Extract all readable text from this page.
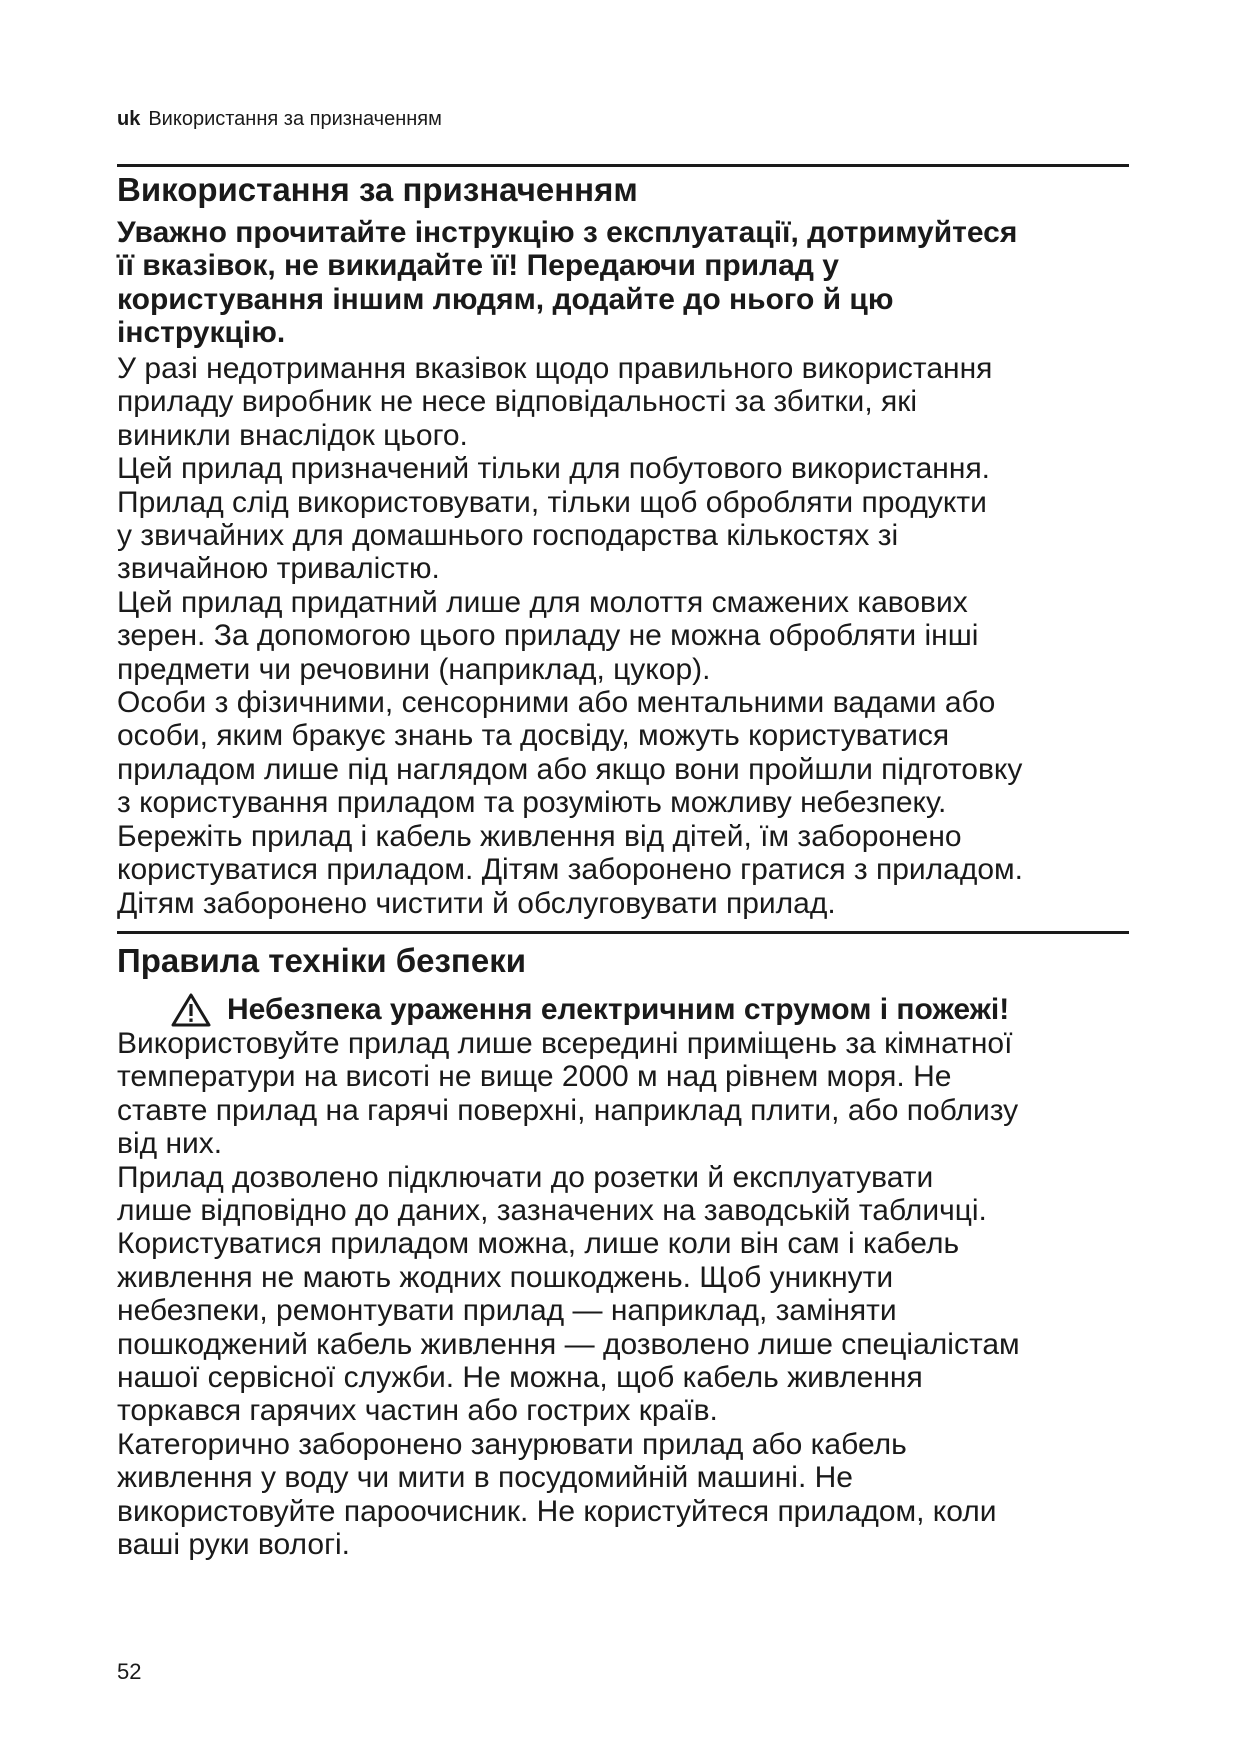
uk Використання за призначенням
Використання за призначенням
Уважно прочитайте інструкцію з експлуатації, дотримуйтеся
її вказівок, не викидайте її! Передаючи прилад у
користування іншим людям, додайте до нього й цю
інструкцію.
У разі недотримання вказівок щодо правильного використання
приладу виробник не несе відповідальності за збитки, які
виникли внаслідок цього.
Цей прилад призначений тільки для побутового використання.
Прилад слід використовувати, тільки щоб обробляти продукти
у звичайних для домашнього господарства кількостях зі
звичайною тривалістю.
Цей прилад придатний лише для молоття смажених кавових
зерен. За допомогою цього приладу не можна обробляти інші
предмети чи речовини (наприклад, цукор).
Особи з фізичними, сенсорними або ментальними вадами або
особи, яким бракує знань та досвіду, можуть користуватися
приладом лише під наглядом або якщо вони пройшли підготовку
з користування приладом та розуміють можливу небезпеку.
Бережіть прилад і кабель живлення від дітей, їм заборонено
користуватися приладом. Дітям заборонено гратися з приладом.
Дітям заборонено чистити й обслуговувати прилад.
Правила техніки безпеки
Небезпека ураження електричним струмом і пожежі!
Використовуйте прилад лише всередині приміщень за кімнатної
температури на висоті не вище 2000 м над рівнем моря. Не
ставте прилад на гарячі поверхні, наприклад плити, або поблизу
від них.
Прилад дозволено підключати до розетки й експлуатувати
лише відповідно до даних, зазначених на заводській табличці.
Користуватися приладом можна, лише коли він сам і кабель
живлення не мають жодних пошкоджень. Щоб уникнути
небезпеки, ремонтувати прилад — наприклад, заміняти
пошкоджений кабель живлення — дозволено лише спеціалістам
нашої сервісної служби. Не можна, щоб кабель живлення
торкався гарячих частин або гострих країв.
Категорично заборонено занурювати прилад або кабель
живлення у воду чи мити в посудомийній машині. Не
використовуйте пароочисник. Не користуйтеся приладом, коли
ваші руки вологі.
52
